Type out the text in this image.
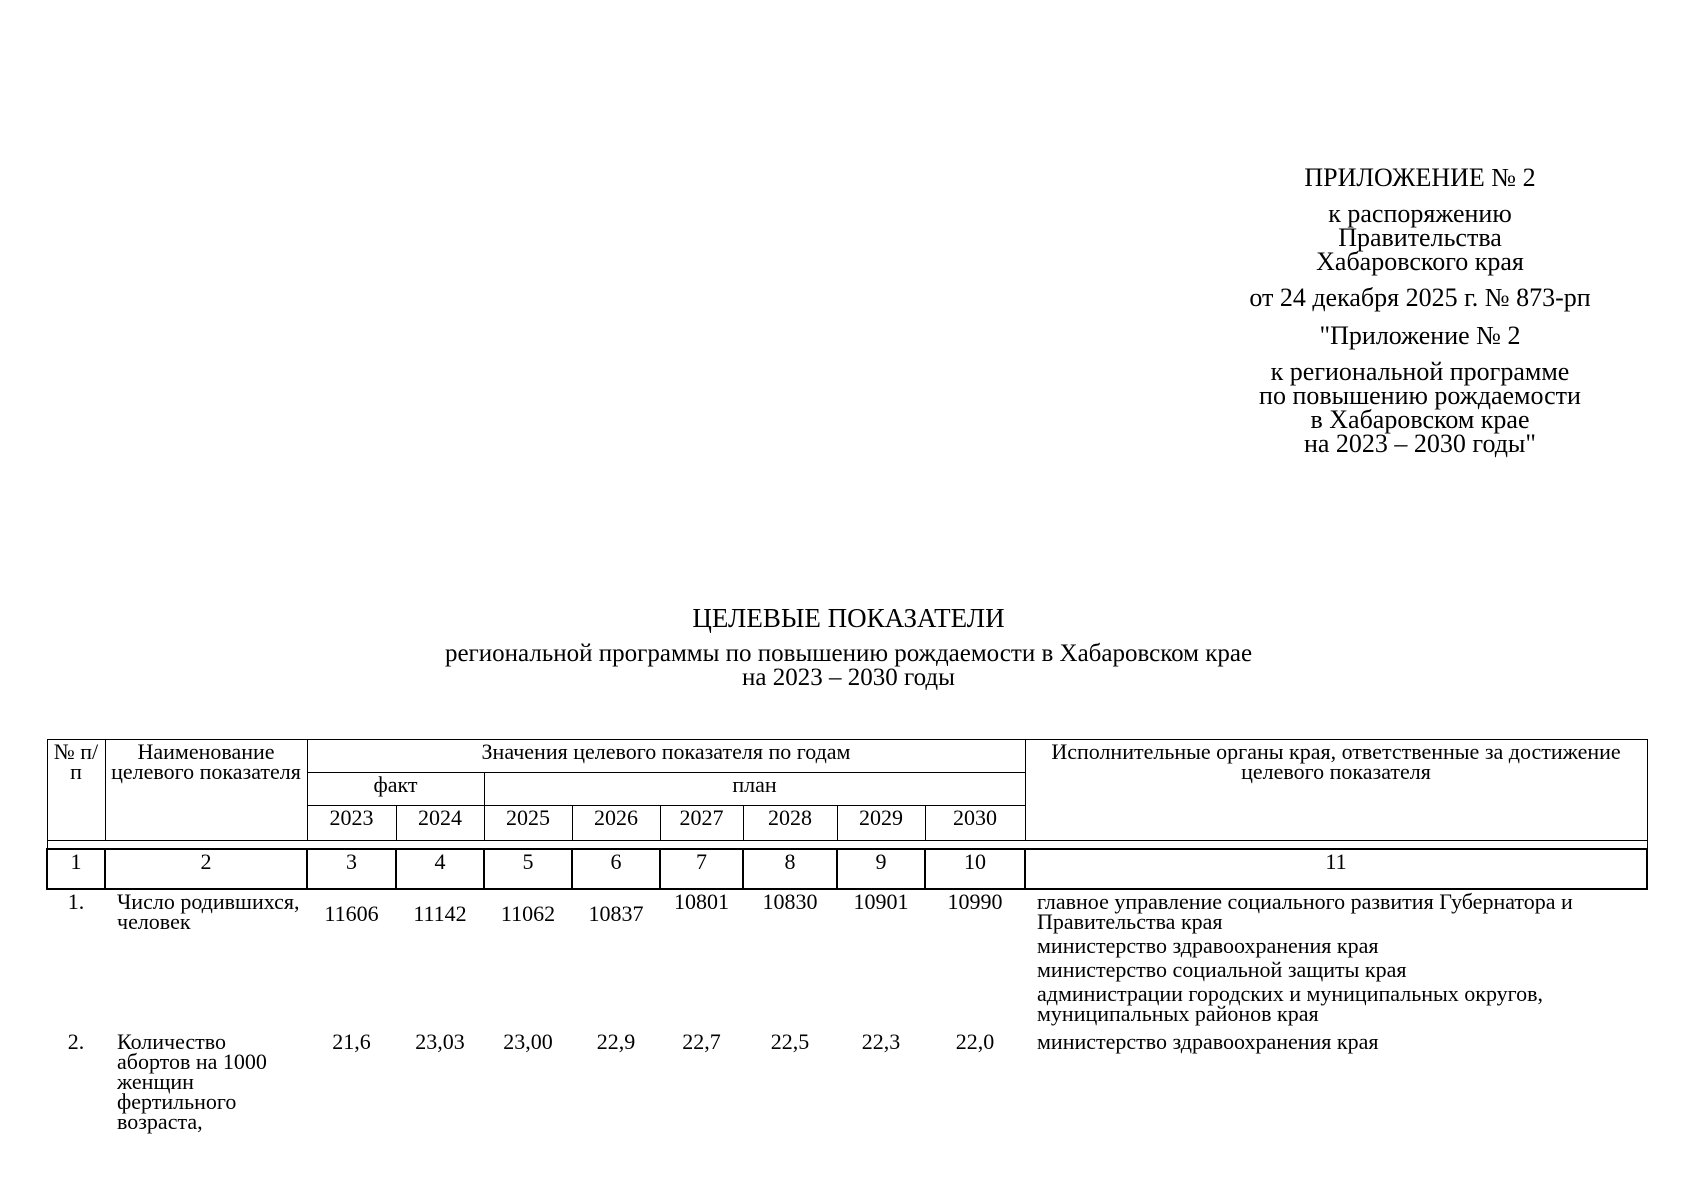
ПРИЛОЖЕНИЕ № 2
к распоряжению
Правительства
Хабаровского края
от 24 декабря 2025 г. № 873-рп
"Приложение № 2
к региональной программе
по повышению рождаемости
в Хабаровском крае
на 2023 – 2030 годы"
ЦЕЛЕВЫЕ ПОКАЗАТЕЛИ
региональной программы по повышению рождаемости в Хабаровском крае
на 2023 – 2030 годы
№ п/п	Наименование целевого показателя	Значения целевого показателя по годам								Исполнительные органы края, ответственные за достижение целевого показателя
		факт		план						
		2023	2024	2025	2026	2027	2028	2029	2030	

1	2	3	4	5	6	7	8	9	10	11
1.	Число родившихся, человек	11606	11142	11062	10837	10801	10830	10901	10990	главное управление социального развития Губернатора и Правительства края
министерство здравоохранения края
министерство социальной защиты края
администрации городских и муниципальных округов, муниципальных районов края

2.	Количество абортов на 1000 женщин фертильного возраста,	21,6	23,03	23,00	22,9	22,7	22,5	22,3	22,0	министерство здравоохранения края
